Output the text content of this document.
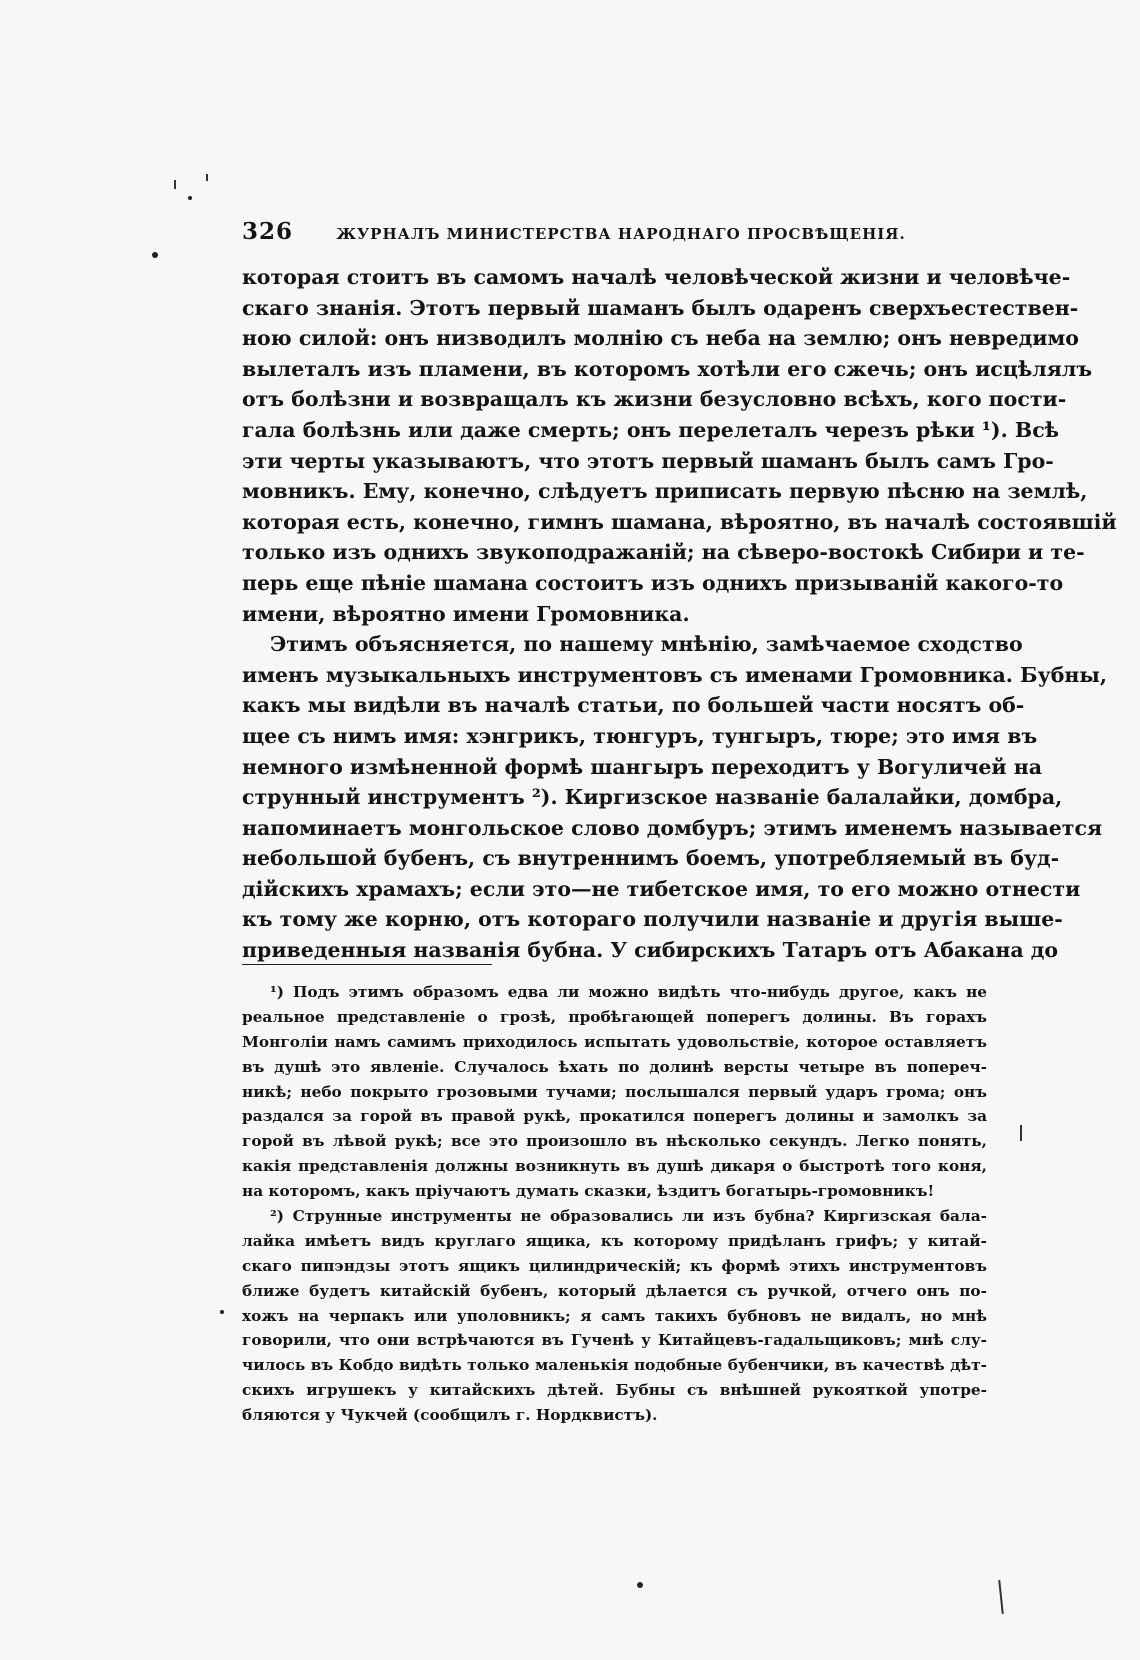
326	ЖУРНАЛЪ МИНИСТЕРСТВА НАРОДНАГО ПРОСВѢЩЕНІЯ.
которая стоитъ въ самомъ началѣ человѣческой жизни и человѣче-
скаго знанія. Этотъ первый шаманъ былъ одаренъ сверхъестествен-
ною силой: онъ низводилъ молнію съ неба на землю; онъ невредимо
вылеталъ изъ пламени, въ которомъ хотѣли его сжечь; онъ исцѣлялъ
отъ болѣзни и возвращалъ къ жизни безусловно всѣхъ, кого пости-
гала болѣзнь или даже смерть; онъ перелеталъ черезъ рѣки ¹). Всѣ
эти черты указываютъ, что этотъ первый шаманъ былъ самъ Гро-
мовникъ. Ему, конечно, слѣдуетъ приписать первую пѣсню на землѣ,
которая есть, конечно, гимнъ шамана, вѣроятно, въ началѣ состоявшій
только изъ однихъ звукоподражаній; на сѣверо-востокѣ Сибири и те-
перь еще пѣніе шамана состоитъ изъ однихъ призываній какого-то
имени, вѣроятно имени Громовника.
Этимъ объясняется, по нашему мнѣнію, замѣчаемое сходство
именъ музыкальныхъ инструментовъ съ именами Громовника. Бубны,
какъ мы видѣли въ началѣ статьи, по большей части носятъ об-
щее съ нимъ имя: хэнгрикъ, тюнгуръ, тунгыръ, тюре; это имя въ
немного измѣненной формѣ шангыръ переходитъ у Вогуличей на
струнный инструментъ ²). Киргизское названіе балалайки, домбра,
напоминаетъ монгольское слово домбуръ; этимъ именемъ называется
небольшой бубенъ, съ внутреннимъ боемъ, употребляемый въ буд-
дійскихъ храмахъ; если это—не тибетское имя, то его можно отнести
къ тому же корню, отъ котораго получили названіе и другія выше-
приведенныя названія бубна. У сибирскихъ Татаръ отъ Абакана до
¹) Подъ этимъ образомъ едва ли можно видѣть что-нибудь другое, какъ не
реальное представленіе о грозѣ, пробѣгающей поперегъ долины. Въ горахъ
Монголіи намъ самимъ приходилось испытать удовольствіе, которое оставляетъ
въ душѣ это явленіе. Случалось ѣхать по долинѣ версты четыре въ попереч-
никѣ; небо покрыто грозовыми тучами; послышался первый ударъ грома; онъ
раздался за горой въ правой рукѣ, прокатился поперегъ долины и замолкъ за
горой въ лѣвой рукѣ; все это произошло въ нѣсколько секундъ. Легко понять,
какія представленія должны возникнуть въ душѣ дикаря о быстротѣ того коня,
на которомъ, какъ пріучаютъ думать сказки, ѣздитъ богатырь-громовникъ!
²) Струнные инструменты не образовались ли изъ бубна? Киргизская бала-
лайка имѣетъ видъ круглаго ящика, къ которому придѣланъ грифъ; у китай-
скаго пипэндзы этотъ ящикъ цилиндрическій; къ формѣ этихъ инструментовъ
ближе будетъ китайскій бубенъ, который дѣлается съ ручкой, отчего онъ по-
хожъ на черпакъ или уполовникъ; я самъ такихъ бубновъ не видалъ, но мнѣ
говорили, что они встрѣчаются въ Гученѣ у Китайцевъ-гадальщиковъ; мнѣ слу-
чилось въ Кобдо видѣть только маленькія подобные бубенчики, въ качествѣ дѣт-
скихъ игрушекъ у китайскихъ дѣтей. Бубны съ внѣшней рукояткой употре-
бляются у Чукчей (сообщилъ г. Нордквистъ).
